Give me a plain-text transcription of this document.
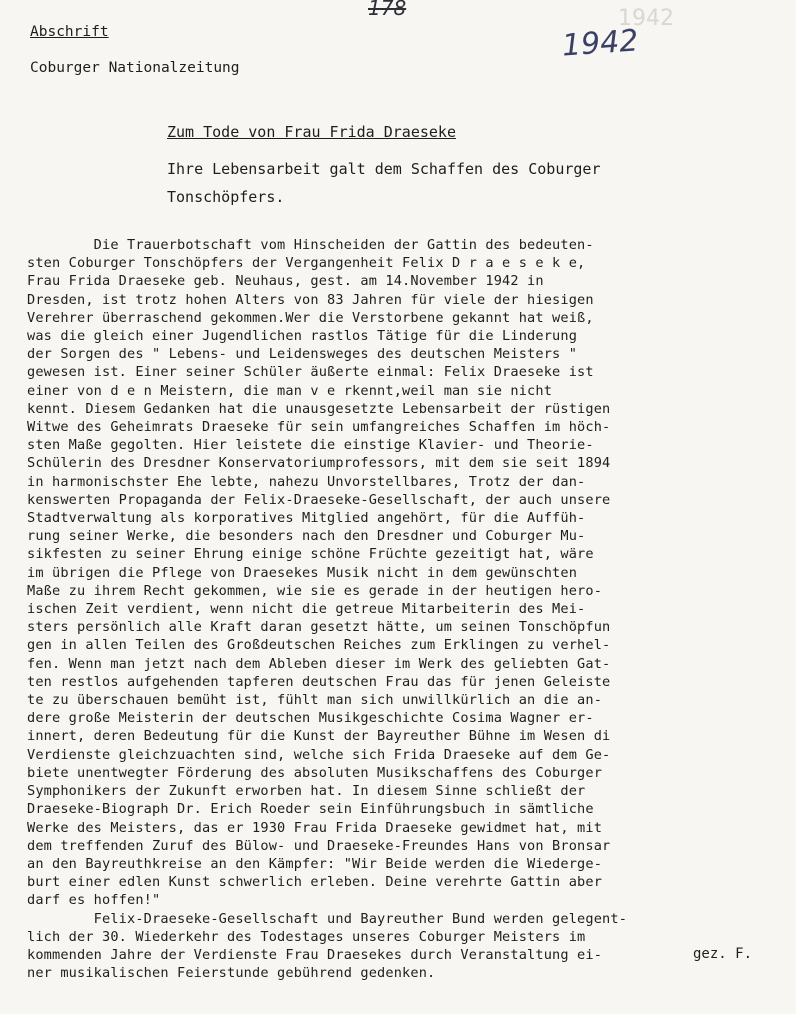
1942
178
1942
Abschrift
Coburger Nationalzeitung
Zum Tode von Frau Frida Draeseke
Ihre Lebensarbeit galt dem Schaffen des Coburger
Tonschöpfers.
Die Trauerbotschaft vom Hinscheiden der Gattin des bedeuten-
sten Coburger Tonschöpfers der Vergangenheit Felix D r a e s e k e,
Frau Frida Draeseke geb. Neuhaus, gest. am 14.November 1942 in
Dresden, ist trotz hohen Alters von 83 Jahren für viele der hiesigen
Verehrer überraschend gekommen.Wer die Verstorbene gekannt hat weiß,
was die gleich einer Jugendlichen rastlos Tätige für die Linderung
der Sorgen des " Lebens- und Leidensweges des deutschen Meisters "
gewesen ist. Einer seiner Schüler äußerte einmal: Felix Draeseke ist
einer von d e n Meistern, die man v e rkennt,weil man sie nicht
kennt. Diesem Gedanken hat die unausgesetzte Lebensarbeit der rüstigen
Witwe des Geheimrats Draeseke für sein umfangreiches Schaffen im höch-
sten Maße gegolten. Hier leistete die einstige Klavier- und Theorie-
Schülerin des Dresdner Konservatoriumprofessors, mit dem sie seit 1894
in harmonischster Ehe lebte, nahezu Unvorstellbares, Trotz der dan-
kenswerten Propaganda der Felix-Draeseke-Gesellschaft, der auch unsere
Stadtverwaltung als korporatives Mitglied angehört, für die Auffüh-
rung seiner Werke, die besonders nach den Dresdner und Coburger Mu-
sikfesten zu seiner Ehrung einige schöne Früchte gezeitigt hat, wäre
im übrigen die Pflege von Draesekes Musik nicht in dem gewünschten
Maße zu ihrem Recht gekommen, wie sie es gerade in der heutigen hero-
ischen Zeit verdient, wenn nicht die getreue Mitarbeiterin des Mei-
sters persönlich alle Kraft daran gesetzt hätte, um seinen Tonschöpfun
gen in allen Teilen des Großdeutschen Reiches zum Erklingen zu verhel-
fen. Wenn man jetzt nach dem Ableben dieser im Werk des geliebten Gat-
ten restlos aufgehenden tapferen deutschen Frau das für jenen Geleiste
te zu überschauen bemüht ist, fühlt man sich unwillkürlich an die an-
dere große Meisterin der deutschen Musikgeschichte Cosima Wagner er-
innert, deren Bedeutung für die Kunst der Bayreuther Bühne im Wesen di
Verdienste gleichzuachten sind, welche sich Frida Draeseke auf dem Ge-
biete unentwegter Förderung des absoluten Musikschaffens des Coburger
Symphonikers der Zukunft erworben hat. In diesem Sinne schließt der
Draeseke-Biograph Dr. Erich Roeder sein Einführungsbuch in sämtliche
Werke des Meisters, das er 1930 Frau Frida Draeseke gewidmet hat, mit
dem treffenden Zuruf des Bülow- und Draeseke-Freundes Hans von Bronsar
an den Bayreuthkreise an den Kämpfer: "Wir Beide werden die Wiederge-
burt einer edlen Kunst schwerlich erleben. Deine verehrte Gattin aber
darf es hoffen!"
Felix-Draeseke-Gesellschaft und Bayreuther Bund werden gelegent-
lich der 30. Wiederkehr des Todestages unseres Coburger Meisters im
kommenden Jahre der Verdienste Frau Draesekes durch Veranstaltung ei-
ner musikalischen Feierstunde gebührend gedenken.
gez. F.
